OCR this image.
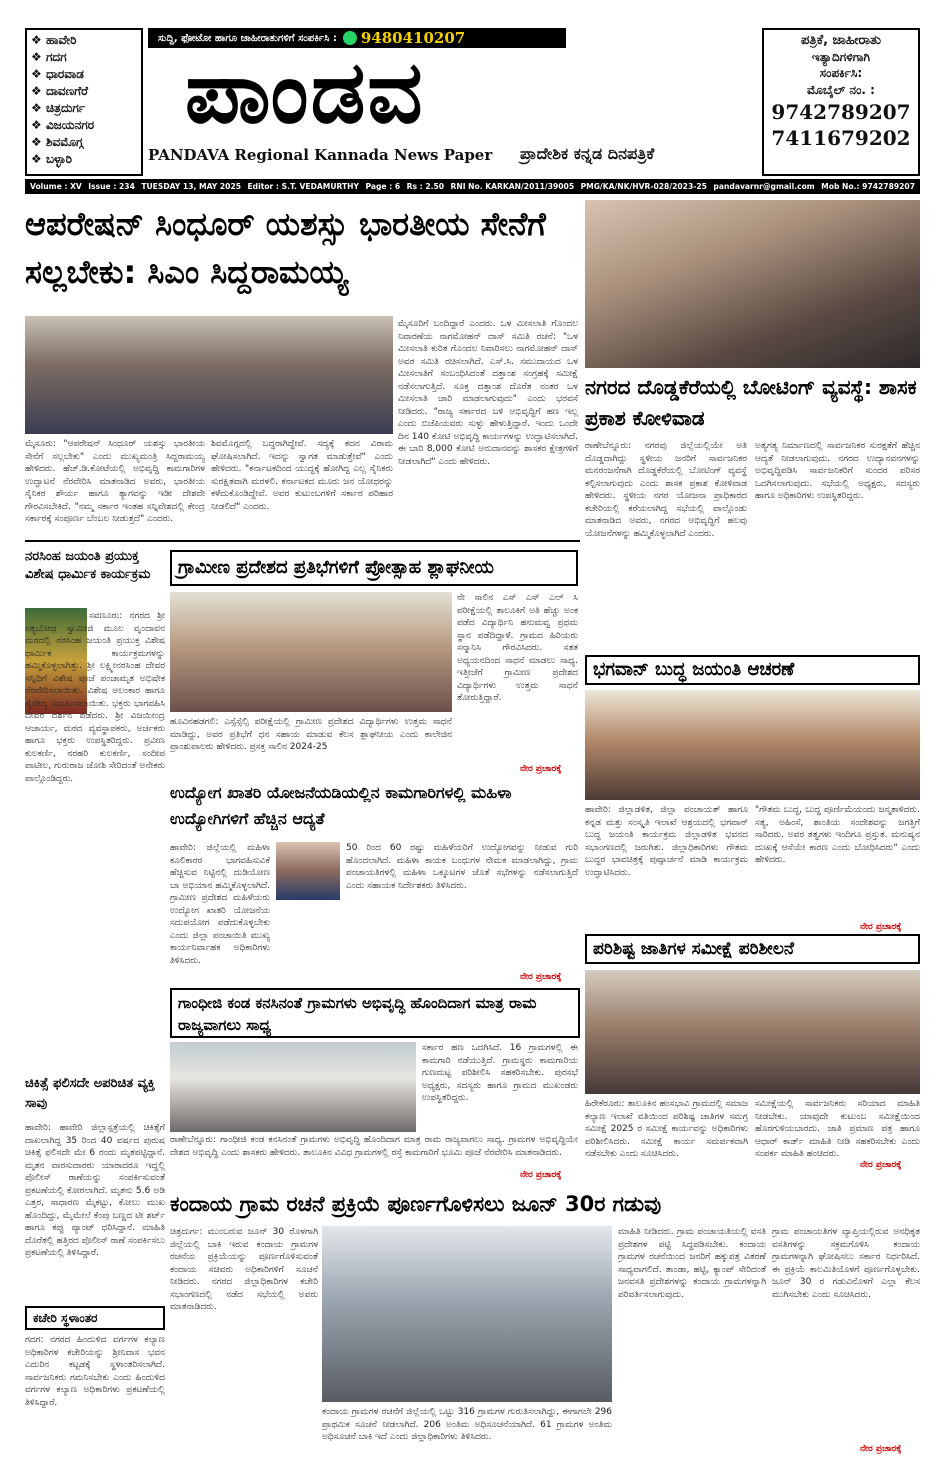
❖ ಹಾವೇರಿ
❖ ಗದಗ
❖ ಧಾರವಾಡ
❖ ದಾವಣಗೆರೆ
❖ ಚಿತ್ರದುರ್ಗ
❖ ವಿಜಯನಗರ
❖ ಶಿವಮೊಗ್ಗ
❖ ಬಳ್ಳಾರಿ
ಸುದ್ದಿ, ಫೋಟೋ ಹಾಗೂ ಜಾಹೀರಾತುಗಳಿಗೆ ಸಂಪರ್ಕಿಸಿ : 9480410207
ಪಾಂಡವ
PANDAVA Regional Kannada News Paper	ಪ್ರಾದೇಶಿಕ ಕನ್ನಡ ದಿನಪತ್ರಿಕೆ
ಪತ್ರಿಕೆ, ಜಾಹೀರಾತು
ಇತ್ಯಾದಿಗಳಿಗಾಗಿ
ಸಂಪರ್ಕಿಸಿ:
ಮೊಬೈಲ್ ನಂ. :
9742789207
7411679202
Volume : XV Issue : 234 TUESDAY 13, MAY 2025 Editor : S.T. VEDAMURTHY Page : 6 Rs : 2.50 RNI No. KARKAN/2011/39005 PMG/KA/NK/HVR-028/2023-25 pandavarnr@gmail.com Mob No.: 9742789207
ಆಪರೇಷನ್ ಸಿಂಧೂರ್ ಯಶಸ್ಸು ಭಾರತೀಯ ಸೇನೆಗೆ ಸಲ್ಲಬೇಕು: ಸಿಎಂ ಸಿದ್ದರಾಮಯ್ಯ
ಮೈಸೂರಿಗೆ ಬಂದಿದ್ದಾರೆ ಎಂದರು. ಒಳ ಮೀಸಲಾತಿ ಗೊಂದಲ ನಿವಾರಣೆಯ ನಾಗಮೋಹನ್ ದಾಸ್ ಸಮಿತಿ ರಚನೆ: "ಒಳ ಮೀಸಲಾತಿ ಕುರಿತ ಗೊಂದಲ ನಿವಾರಿಸಲು ನಾಗಮೋಹನ್ ದಾಸ್ ಅವರ ಸಮಿತಿ ರಚಿಸಲಾಗಿದೆ. ಎಸ್.ಸಿ. ಸಮುದಾಯದ ಒಳ ಮೀಸಲಾತಿಗೆ ಸಂಬಂಧಿಸಿದಂತೆ ದತ್ತಾಂಶ ಸಂಗ್ರಹಕ್ಕೆ ಸಮೀಕ್ಷೆ ನಡೆಸಲಾಗುತ್ತಿದೆ. ಸೂಕ್ತ ದತ್ತಾಂಶ ದೊರೆತ ನಂತರ ಒಳ ಮೀಸಲಾತಿ ಜಾರಿ ಮಾಡಲಾಗುವುದು" ಎಂದು ಭರವಸೆ ನೀಡಿದರು. "ರಾಜ್ಯ ಸರ್ಕಾರದ ಬಳಿ ಅಭಿವೃದ್ಧಿಗೆ ಹಣ ಇಲ್ಲ ಎಂದು ಬಿಜೆಪಿಯವರು ಸುಳ್ಳು ಹೇಳುತ್ತಿದ್ದಾರೆ. ಇಂದು ಒಂದೇ ದಿನ 140 ಕೋಟಿ ಅಭಿವೃದ್ಧಿ ಕಾರ್ಯಗಳನ್ನು ಉದ್ಘಾಟಿಸಲಾಗಿದೆ. ಈ ಬಾರಿ 8,000 ಕೋಟಿ ಅನುದಾನವನ್ನು ಶಾಸಕರ ಕ್ಷೇತ್ರಗಳಿಗೆ ನೀಡಲಾಗಿದೆ" ಎಂದು ಹೇಳಿದರು.
ಮೈಸೂರು: "ಆಪರೇಷನ್ ಸಿಂಧೂರ್ ಯಶಸ್ಸು ಭಾರತೀಯ ಸೇನೆಗೆ ಸಲ್ಲಬೇಕು" ಎಂದು ಮುಖ್ಯಮಂತ್ರಿ ಸಿದ್ದರಾಮಯ್ಯ ಹೇಳಿದರು. ಹೆಚ್.ಡಿ.ಕೋಟೆಯಲ್ಲಿ ಅಭಿವೃದ್ಧಿ ಕಾಮಗಾರಿಗಳ ಉದ್ಘಾಟನೆ ನೆರವೇರಿಸಿ ಮಾತನಾಡಿದ ಅವರು, ಭಾರತೀಯ ಸೈನಿಕರ ಶೌರ್ಯ ಹಾಗೂ ತ್ಯಾಗವನ್ನು ಇಡೀ ದೇಶವೇ ಗೌರವಿಸಬೇಕಿದೆ. "ನಮ್ಮ ಸರ್ಕಾರ ಇಂತಹ ಸನ್ನಿವೇಶದಲ್ಲಿ ಕೇಂದ್ರ ಸರ್ಕಾರಕ್ಕೆ ಸಂಪೂರ್ಣ ಬೆಂಬಲ ನೀಡುತ್ತದೆ" ಎಂದರು.
ಶಿವಮೊಗ್ಗದಲ್ಲಿ ಬದ್ಧರಾಗಿದ್ದೇವೆ. ಸದ್ಯಕ್ಕೆ ಕದನ ವಿರಾಮ ಘೋಷಿಸಲಾಗಿದೆ. ಇದನ್ನು ಸ್ವಾಗತ ಮಾಡುತ್ತೇವೆ" ಎಂದು ಹೇಳಿದರು. "ಕರ್ನಾಟಕದಿಂದ ಯುದ್ಧಕ್ಕೆ ಹೋಗಿದ್ದ ಎಲ್ಲ ಸೈನಿಕರು ಸುರಕ್ಷಿತವಾಗಿ ಮರಳಲಿ. ಕರ್ನಾಟಕದ ಮೂರು ಜನ ಯೋಧರನ್ನು ಕಳೆದುಕೊಂಡಿದ್ದೇವೆ. ಅವರ ಕುಟುಂಬಗಳಿಗೆ ಸರ್ಕಾರ ಪರಿಹಾರ ನೀಡಲಿದೆ" ಎಂದರು.
ನಗರದ ದೊಡ್ಡಕೆರೆಯಲ್ಲಿ ಬೋಟಿಂಗ್ ವ್ಯವಸ್ಥೆ: ಶಾಸಕ ಪ್ರಕಾಶ ಕೋಳಿವಾಡ
ರಾಣೇಬೆನ್ನೂರು: ನಗರವು ಜಿಲ್ಲೆಯಲ್ಲಿಯೇ ಅತಿ ದೊಡ್ಡದಾಗಿದ್ದು ಸ್ಥಳೀಯ ಜನರಿಗೆ ಸಾರ್ವಜನಿಕರ ಮನರಂಜನೆಗಾಗಿ ದೊಡ್ಡಕೆರೆಯಲ್ಲಿ ಬೋಟಿಂಗ್ ವ್ಯವಸ್ಥೆ ಕಲ್ಪಿಸಲಾಗುವುದು ಎಂದು ಶಾಸಕ ಪ್ರಕಾಶ ಕೋಳಿವಾಡ ಹೇಳಿದರು. ಸ್ಥಳೀಯ ನಗರ ಯೋಜನಾ ಪ್ರಾಧಿಕಾರದ ಕಚೇರಿಯಲ್ಲಿ ಕರೆಯಲಾಗಿದ್ದ ಸಭೆಯಲ್ಲಿ ಪಾಲ್ಗೊಂಡು ಮಾತನಾಡಿದ ಅವರು, ನಗರದ ಅಭಿವೃದ್ಧಿಗೆ ಹಲವು ಯೋಜನೆಗಳನ್ನು ಹಮ್ಮಿಕೊಳ್ಳಲಾಗಿದೆ ಎಂದರು.
ಅತ್ಯಗತ್ಯ ನಿರ್ಮಾಣದಲ್ಲಿ ಸಾರ್ವಜನಿಕರ ಸುರಕ್ಷತೆಗೆ ಹೆಚ್ಚಿನ ಆದ್ಯತೆ ನೀಡಲಾಗುವುದು. ನಗರದ ಉದ್ಯಾನವನಗಳನ್ನು ಅಭಿವೃದ್ಧಿಪಡಿಸಿ ಸಾರ್ವಜನಿಕರಿಗೆ ಸುಂದರ ಪರಿಸರ ಒದಗಿಸಲಾಗುವುದು. ಸಭೆಯಲ್ಲಿ ಅಧ್ಯಕ್ಷರು, ಸದಸ್ಯರು ಹಾಗೂ ಅಧಿಕಾರಿಗಳು ಉಪಸ್ಥಿತರಿದ್ದರು.
ನರಸಿಂಹ ಜಯಂತಿ ಪ್ರಯುಕ್ತ ವಿಶೇಷ ಧಾರ್ಮಿಕ ಕಾರ್ಯಕ್ರಮ
ಸವಣೂರು: ನಗರದ ಶ್ರೀ ಸತ್ಯಬೋಧ ಸ್ವಾಮೀಜಿ ಮೂಲ ವೃಂದಾವನ ಮಠದಲ್ಲಿ ನರಸಿಂಹ ಜಯಂತಿ ಪ್ರಯುಕ್ತ ವಿಶೇಷ ಧಾರ್ಮಿಕ ಕಾರ್ಯಕ್ರಮಗಳನ್ನು ಹಮ್ಮಿಕೊಳ್ಳಲಾಗಿತ್ತು. ಶ್ರೀ ಲಕ್ಷ್ಮೀನರಸಿಂಹ ದೇವರ ಸನ್ನಿಧಿಗೆ ವಿಶೇಷ ಪೂಜೆ ಪಂಚಾಮೃತ ಅಭಿಷೇಕ ನೆರವೇರಿಸಲಾಯಿತು. ವಿಶೇಷ ಅಲಂಕಾರ ಹಾಗೂ ನೈವೇದ್ಯ ಸಮರ್ಪಿಸಲಾಯಿತು. ಭಕ್ತರು ಭಾಗವಹಿಸಿ ದೇವರ ದರ್ಶನ ಪಡೆದರು. ಶ್ರೀ ವಿಜಯೀಂದ್ರ ಆಚಾರ್ಯ, ಮಠದ ವ್ಯವಸ್ಥಾಪಕರು, ಅರ್ಚಕರು ಹಾಗೂ ಭಕ್ತರು ಉಪಸ್ಥಿತರಿದ್ದರು. ಪ್ರವೀಣ ಕುಲಕರ್ಣಿ, ನರಹರಿ ಕುಲಕರ್ಣಿ, ಸಂದೀಪ ಪಾಟೀಲ, ಗುರುರಾಜ ಜೋಶಿ ಸೇರಿದಂತೆ ಅನೇಕರು ಪಾಲ್ಗೊಂಡಿದ್ದರು.
ಗ್ರಾಮೀಣ ಪ್ರದೇಶದ ಪ್ರತಿಭೆಗಳಿಗೆ ಪ್ರೋತ್ಸಾಹ ಶ್ಲಾಘನೀಯ
ನೇ ಸಾಲಿನ ಎಸ್ ಎಸ್ ಎಲ್ ಸಿ ಪರೀಕ್ಷೆಯಲ್ಲಿ ತಾಲೂಕಿಗೆ ಅತಿ ಹೆಚ್ಚು ಅಂಕ ಪಡೆದ ವಿದ್ಯಾರ್ಥಿನಿ ಹನುಮವ್ವ ಪ್ರಥಮ ಸ್ಥಾನ ಪಡೆದಿದ್ದಾಳೆ. ಗ್ರಾಮದ ಹಿರಿಯರು ಸನ್ಮಾನಿಸಿ ಗೌರವಿಸಿದರು. ಸತತ ಅಧ್ಯಯನದಿಂದ ಸಾಧನೆ ಮಾಡಲು ಸಾಧ್ಯ. ಇತ್ತೀಚೆಗೆ ಗ್ರಾಮೀಣ ಪ್ರದೇಶದ ವಿದ್ಯಾರ್ಥಿಗಳು ಉತ್ತಮ ಸಾಧನೆ ತೋರುತ್ತಿದ್ದಾರೆ.
ಹೂವಿನಹಡಗಲಿ: ಎಸ್ಸೆಸ್ಸೆಲ್ಸಿ ಪರೀಕ್ಷೆಯಲ್ಲಿ ಗ್ರಾಮೀಣ ಪ್ರದೇಶದ ವಿದ್ಯಾರ್ಥಿಗಳು ಉತ್ತಮ ಸಾಧನೆ ಮಾಡಿದ್ದು, ಅವರ ಪ್ರತಿಭೆಗೆ ಧನ ಸಹಾಯ ಮಾಡುವ ಕೆಲಸ ಶ್ಲಾಘನೀಯ ಎಂದು ಕಾಲೇಜಿನ ಪ್ರಾಂಶುಪಾಲರು ಹೇಳಿದರು. ಪ್ರಸಕ್ತ ಸಾಲಿನ 2024-25
ನೇರ ಪ್ರಚಾರಕ್ಕೆ
ಉದ್ಯೋಗ ಖಾತರಿ ಯೋಜನೆಯಡಿಯಲ್ಲಿನ ಕಾಮಗಾರಿಗಳಲ್ಲಿ ಮಹಿಳಾ ಉದ್ಯೋಗಿಗಳಿಗೆ ಹೆಚ್ಚಿನ ಆದ್ಯತೆ
ಹಾವೇರಿ: ಜಿಲ್ಲೆಯಲ್ಲಿ ಮಹಿಳಾ ಕೂಲಿಕಾರರ ಭಾಗವಹಿಸುವಿಕೆ ಹೆಚ್ಚಿಸುವ ನಿಟ್ಟಿನಲ್ಲಿ ದುಡಿಯೋಣ ಬಾ ಅಭಿಯಾನ ಹಮ್ಮಿಕೊಳ್ಳಲಾಗಿದೆ. ಗ್ರಾಮೀಣ ಪ್ರದೇಶದ ಮಹಿಳೆಯರು ಉದ್ಯೋಗ ಖಾತರಿ ಯೋಜನೆಯ ಸದುಪಯೋಗ ಪಡೆದುಕೊಳ್ಳಬೇಕು ಎಂದು ಜಿಲ್ಲಾ ಪಂಚಾಯಿತಿ ಮುಖ್ಯ ಕಾರ್ಯನಿರ್ವಾಹಕ ಅಧಿಕಾರಿಗಳು ತಿಳಿಸಿದರು.
50 ರಿಂದ 60 ರಷ್ಟು ಮಹಿಳೆಯರಿಗೆ ಉದ್ಯೋಗವನ್ನು ನೀಡುವ ಗುರಿ ಹೊಂದಲಾಗಿದೆ. ಮಹಿಳಾ ಕಾಯಕ ಬಂಧುಗಳ ನೇಮಕ ಮಾಡಲಾಗಿದ್ದು, ಗ್ರಾಮ ಪಂಚಾಯತಿಗಳಲ್ಲಿ ಮಹಿಳಾ ಒಕ್ಕೂಟಗಳ ಜೊತೆ ಸಭೆಗಳನ್ನು ನಡೆಸಲಾಗುತ್ತಿದೆ ಎಂದು ಸಹಾಯಕ ನಿರ್ದೇಶಕರು ತಿಳಿಸಿದರು.
ನೇರ ಪ್ರಚಾರಕ್ಕೆ
ಭಗವಾನ್ ಬುದ್ಧ ಜಯಂತಿ ಆಚರಣೆ
ಹಾವೇರಿ: ಜಿಲ್ಲಾಡಳಿತ, ಜಿಲ್ಲಾ ಪಂಚಾಯತ್ ಹಾಗೂ ಕನ್ನಡ ಮತ್ತು ಸಂಸ್ಕೃತಿ ಇಲಾಖೆ ಆಶ್ರಯದಲ್ಲಿ ಭಗವಾನ್ ಬುದ್ಧ ಜಯಂತಿ ಕಾರ್ಯಕ್ರಮ ಜಿಲ್ಲಾಡಳಿತ ಭವನದ ಸಭಾಂಗಣದಲ್ಲಿ ಜರುಗಿತು. ಜಿಲ್ಲಾಧಿಕಾರಿಗಳು ಗೌತಮ ಬುದ್ಧರ ಭಾವಚಿತ್ರಕ್ಕೆ ಪುಷ್ಪಾರ್ಚನೆ ಮಾಡಿ ಕಾರ್ಯಕ್ರಮ ಉದ್ಘಾಟಿಸಿದರು.
"ಗೌತಮ ಬುದ್ಧ, ಬುದ್ಧ ಪೂರ್ಣಿಮೆಯಂದು ಜನ್ಮತಾಳಿದರು. ಸತ್ಯ, ಅಹಿಂಸೆ, ಶಾಂತಿಯ ಸಂದೇಶವನ್ನು ಜಗತ್ತಿಗೆ ಸಾರಿದರು. ಅವರ ತತ್ವಗಳು ಇಂದಿಗೂ ಪ್ರಸ್ತುತ. ಮನುಷ್ಯನ ದುಃಖಕ್ಕೆ ಆಸೆಯೇ ಕಾರಣ ಎಂದು ಬೋಧಿಸಿದರು" ಎಂದು ಹೇಳಿದರು.
ನೇರ ಪ್ರಚಾರಕ್ಕೆ
ಪರಿಶಿಷ್ಟ ಜಾತಿಗಳ ಸಮೀಕ್ಷೆ ಪರಿಶೀಲನೆ
ಹಿರೇಕೆರೂರು: ತಾಲೂಕಿನ ಹಂಸಭಾವಿ ಗ್ರಾಮದಲ್ಲಿ ಸಮಾಜ ಕಲ್ಯಾಣ ಇಲಾಖೆ ವತಿಯಿಂದ ಪರಿಶಿಷ್ಟ ಜಾತಿಗಳ ಸಮಗ್ರ ಸಮೀಕ್ಷೆ 2025 ರ ಸಮೀಕ್ಷೆ ಕಾರ್ಯವನ್ನು ಅಧಿಕಾರಿಗಳು ಪರಿಶೀಲಿಸಿದರು. ಸಮೀಕ್ಷೆ ಕಾರ್ಯ ಸಮರ್ಪಕವಾಗಿ ನಡೆಸಬೇಕು ಎಂದು ಸೂಚಿಸಿದರು.
ಸಮೀಕ್ಷೆಯಲ್ಲಿ ಸಾರ್ವಜನಿಕರು ಸರಿಯಾದ ಮಾಹಿತಿ ನೀಡಬೇಕು. ಯಾವುದೇ ಕುಟುಂಬ ಸಮೀಕ್ಷೆಯಿಂದ ಹೊರಗುಳಿಯಬಾರದು. ಜಾತಿ ಪ್ರಮಾಣ ಪತ್ರ ಹಾಗೂ ಆಧಾರ್ ಕಾರ್ಡ್ ಮಾಹಿತಿ ನೀಡಿ ಸಹಕರಿಸಬೇಕು ಎಂದು ಸಂಪರ್ಕ ಮಾಹಿತಿ ಹಂಚಿದರು.
ನೇರ ಪ್ರಚಾರಕ್ಕೆ
ಗಾಂಧೀಜಿ ಕಂಡ ಕನಸಿನಂತೆ ಗ್ರಾಮಗಳು ಅಭಿವೃದ್ಧಿ ಹೊಂದಿದಾಗ ಮಾತ್ರ ರಾಮ ರಾಜ್ಯವಾಗಲು ಸಾಧ್ಯ
ಸರ್ಕಾರ ಹಣ ಒದಗಿಸಿದೆ. 16 ಗ್ರಾಮಗಳಲ್ಲಿ ಈ ಕಾಮಗಾರಿ ನಡೆಯುತ್ತಿದೆ. ಗ್ರಾಮಸ್ಥರು ಕಾಮಗಾರಿಯ ಗುಣಮಟ್ಟ ಪರಿಶೀಲಿಸಿ ಸಹಕರಿಸಬೇಕು. ಪುರಸಭೆ ಅಧ್ಯಕ್ಷರು, ಸದಸ್ಯರು ಹಾಗೂ ಗ್ರಾಮದ ಮುಖಂಡರು ಉಪಸ್ಥಿತರಿದ್ದರು.
ರಾಣೇಬೆನ್ನೂರು: ಗಾಂಧೀಜಿ ಕಂಡ ಕನಸಿನಂತೆ ಗ್ರಾಮಗಳು ಅಭಿವೃದ್ಧಿ ಹೊಂದಿದಾಗ ಮಾತ್ರ ರಾಮ ರಾಜ್ಯವಾಗಲು ಸಾಧ್ಯ. ಗ್ರಾಮಗಳ ಅಭಿವೃದ್ಧಿಯೇ ದೇಶದ ಅಭಿವೃದ್ಧಿ ಎಂದು ಶಾಸಕರು ಹೇಳಿದರು. ತಾಲೂಕಿನ ವಿವಿಧ ಗ್ರಾಮಗಳಲ್ಲಿ ರಸ್ತೆ ಕಾಮಗಾರಿಗೆ ಭೂಮಿ ಪೂಜೆ ನೆರವೇರಿಸಿ ಮಾತನಾಡಿದರು.
ನೇರ ಪ್ರಚಾರಕ್ಕೆ
ಚಿಕಿತ್ಸೆ ಫಲಿಸದೇ ಅಪರಿಚಿತ ವ್ಯಕ್ತಿ ಸಾವು
ಹಾವೇರಿ: ಹಾವೇರಿ ಜಿಲ್ಲಾಸ್ಪತ್ರೆಯಲ್ಲಿ ಚಿಕಿತ್ಸೆಗೆ ದಾಖಲಾಗಿದ್ದ 35 ರಿಂದ 40 ವರ್ಷದ ಪುರುಷ ಚಿಕಿತ್ಸೆ ಫಲಿಸದೇ ಮೇ 6 ರಂದು ಮೃತಪಟ್ಟಿದ್ದಾನೆ. ಮೃತನ ವಾರಸುದಾರರು ಯಾರಾದರೂ ಇದ್ದಲ್ಲಿ ಪೊಲೀಸ್ ಠಾಣೆಯನ್ನು ಸಂಪರ್ಕಿಸುವಂತೆ ಪ್ರಕಟಣೆಯಲ್ಲಿ ಕೋರಲಾಗಿದೆ. ಮೃತನು 5.6 ಅಡಿ ಎತ್ತರ, ಸಾಧಾರಣ ಮೈಕಟ್ಟು, ಕೋಲು ಮುಖ ಹೊಂದಿದ್ದು, ಮೈಮೇಲೆ ಕೆಂಪು ಬಣ್ಣದ ಟೀ ಶರ್ಟ್ ಹಾಗೂ ಕಪ್ಪು ಪ್ಯಾಂಟ್ ಧರಿಸಿದ್ದಾನೆ. ಮಾಹಿತಿ ದೊರೆತಲ್ಲಿ ಹತ್ತಿರದ ಪೊಲೀಸ್ ಠಾಣೆ ಸಂಪರ್ಕಿಸಲು ಪ್ರಕಟಣೆಯಲ್ಲಿ ತಿಳಿಸಿದ್ದಾರೆ.
ಕಚೇರಿ ಸ್ಥಳಾಂತರ
ಗದಗ: ನಗರದ ಹಿಂದುಳಿದ ವರ್ಗಗಳ ಕಲ್ಯಾಣ ಅಧಿಕಾರಿಗಳ ಕಚೇರಿಯನ್ನು ಶ್ರೀನಿವಾಸ ಭವನ ಎದುರಿನ ಕಟ್ಟಡಕ್ಕೆ ಸ್ಥಳಾಂತರಿಸಲಾಗಿದೆ. ಸಾರ್ವಜನಿಕರು ಗಮನಿಸಬೇಕು ಎಂದು ಹಿಂದುಳಿದ ವರ್ಗಗಳ ಕಲ್ಯಾಣ ಅಧಿಕಾರಿಗಳು ಪ್ರಕಟಣೆಯಲ್ಲಿ ತಿಳಿಸಿದ್ದಾರೆ.
ಕಂದಾಯ ಗ್ರಾಮ ರಚನೆ ಪ್ರಕ್ರಿಯೆ ಪೂರ್ಣಗೊಳಿಸಲು ಜೂನ್ 30ರ ಗಡುವು
ಚಿತ್ರದುರ್ಗ: ಮುಂಬರುವ ಜೂನ್ 30 ರೊಳಗಾಗಿ ಜಿಲ್ಲೆಯಲ್ಲಿ ಬಾಕಿ ಇರುವ ಕಂದಾಯ ಗ್ರಾಮಗಳ ರಚನೆಯ ಪ್ರಕ್ರಿಯೆಯನ್ನು ಪೂರ್ಣಗೊಳಿಸುವಂತೆ ಕಂದಾಯ ಸಚಿವರು ಅಧಿಕಾರಿಗಳಿಗೆ ಸೂಚನೆ ನೀಡಿದರು. ನಗರದ ಜಿಲ್ಲಾಧಿಕಾರಿಗಳ ಕಚೇರಿ ಸಭಾಂಗಣದಲ್ಲಿ ನಡೆದ ಸಭೆಯಲ್ಲಿ ಅವರು ಮಾತನಾಡಿದರು.
ಕಂದಾಯ ಗ್ರಾಮಗಳ ರಚನೆಗೆ ಜಿಲ್ಲೆಯಲ್ಲಿ ಒಟ್ಟು 316 ಗ್ರಾಮಗಳ ಗುರುತಿಸಲಾಗಿದ್ದು, ಈಗಾಗಲೇ 296 ಪ್ರಾಥಮಿಕ ಸೂಚನೆ ನೀಡಲಾಗಿದೆ. 206 ಅಂತಿಮ ಅಧಿಸೂಚನೆಯಾಗಿದೆ. 61 ಗ್ರಾಮಗಳ ಅಂತಿಮ ಅಧಿಸೂಚನೆ ಬಾಕಿ ಇದೆ ಎಂದು ಜಿಲ್ಲಾಧಿಕಾರಿಗಳು ತಿಳಿಸಿದರು.
ಮಾಹಿತಿ ನೀಡಿದರು. ಗ್ರಾಮ ಪಂಚಾಯತಿಯಲ್ಲಿ ವಸತಿ ಪ್ರದೇಶಗಳ ಪಟ್ಟಿ ಸಿದ್ಧಪಡಿಸಬೇಕು. ಕಂದಾಯ ಗ್ರಾಮಗಳ ರಚನೆಯಿಂದ ಜನರಿಗೆ ಹಕ್ಕುಪತ್ರ ವಿತರಣೆ ಸಾಧ್ಯವಾಗಲಿದೆ. ತಾಂಡಾ, ಹಟ್ಟಿ, ಕ್ಯಾಂಪ್ ಸೇರಿದಂತೆ ಜನವಸತಿ ಪ್ರದೇಶಗಳನ್ನು ಕಂದಾಯ ಗ್ರಾಮಗಳನ್ನಾಗಿ ಪರಿವರ್ತಿಸಲಾಗುವುದು.
ಗ್ರಾಮ ಪಂಚಾಯತಿಗಳ ವ್ಯಾಪ್ತಿಯಲ್ಲಿರುವ ಅನಧಿಕೃತ ವಸತಿಗಳನ್ನು ಸಕ್ರಮಗೊಳಿಸಿ ಕಂದಾಯ ಗ್ರಾಮಗಳನ್ನಾಗಿ ಘೋಷಿಸಲು ಸರ್ಕಾರ ನಿರ್ಧರಿಸಿದೆ. ಈ ಪ್ರಕ್ರಿಯೆ ಕಾಲಮಿತಿಯೊಳಗೆ ಪೂರ್ಣಗೊಳ್ಳಬೇಕು. ಜೂನ್ 30 ರ ಗಡುವಿನೊಳಗೆ ಎಲ್ಲಾ ಕೆಲಸ ಮುಗಿಸಬೇಕು ಎಂದು ಸೂಚಿಸಿದರು.
ನೇರ ಪ್ರಚಾರಕ್ಕೆ
